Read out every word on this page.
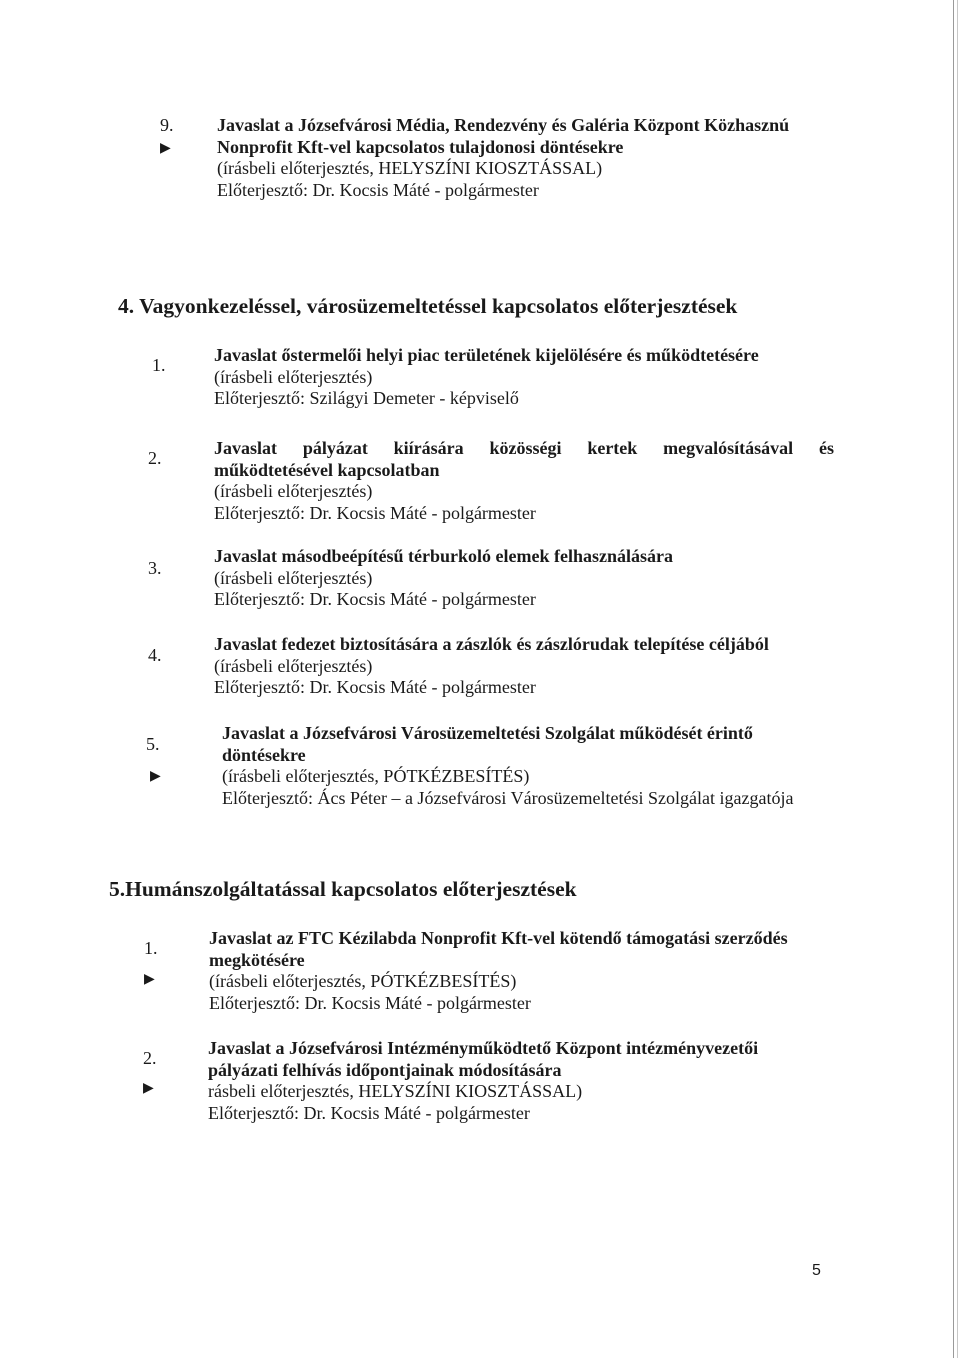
9.
▶
Javaslat a Józsefvárosi Média, Rendezvény és Galéria Központ Közhasznú
Nonprofit Kft-vel kapcsolatos tulajdonosi döntésekre
(írásbeli előterjesztés, HELYSZÍNI KIOSZTÁSSAL)
Előterjesztő: Dr. Kocsis Máté - polgármester
4. Vagyonkezeléssel, városüzemeltetéssel kapcsolatos előterjesztések
1.	Javaslat őstermelői helyi piac területének kijelölésére és működtetésére
(írásbeli előterjesztés)
Előterjesztő: Szilágyi Demeter - képviselő
2.	Javaslat pályázat kiírására közösségi kertek megvalósításával és
működtetésével kapcsolatban
(írásbeli előterjesztés)
Előterjesztő: Dr. Kocsis Máté - polgármester
3.
Javaslat másodbeépítésű térburkoló elemek felhasználására
(írásbeli előterjesztés)
Előterjesztő: Dr. Kocsis Máté - polgármester
4.
Javaslat fedezet biztosítására a zászlók és zászlórudak telepítése céljából
(írásbeli előterjesztés)
Előterjesztő: Dr. Kocsis Máté - polgármester
5.
▶
Javaslat a Józsefvárosi Városüzemeltetési Szolgálat működését érintő
döntésekre
(írásbeli előterjesztés, PÓTKÉZBESÍTÉS)
Előterjesztő: Ács Péter – a Józsefvárosi Városüzemeltetési Szolgálat igazgatója
5.Humánszolgáltatással kapcsolatos előterjesztések
1.
▶
Javaslat az FTC Kézilabda Nonprofit Kft-vel kötendő támogatási szerződés
megkötésére
(írásbeli előterjesztés, PÓTKÉZBESÍTÉS)
Előterjesztő: Dr. Kocsis Máté - polgármester
2.
▶
Javaslat a Józsefvárosi Intézményműködtető Központ intézményvezetői
pályázati felhívás időpontjainak módosítására
rásbeli előterjesztés, HELYSZÍNI KIOSZTÁSSAL)
Előterjesztő: Dr. Kocsis Máté - polgármester
5
